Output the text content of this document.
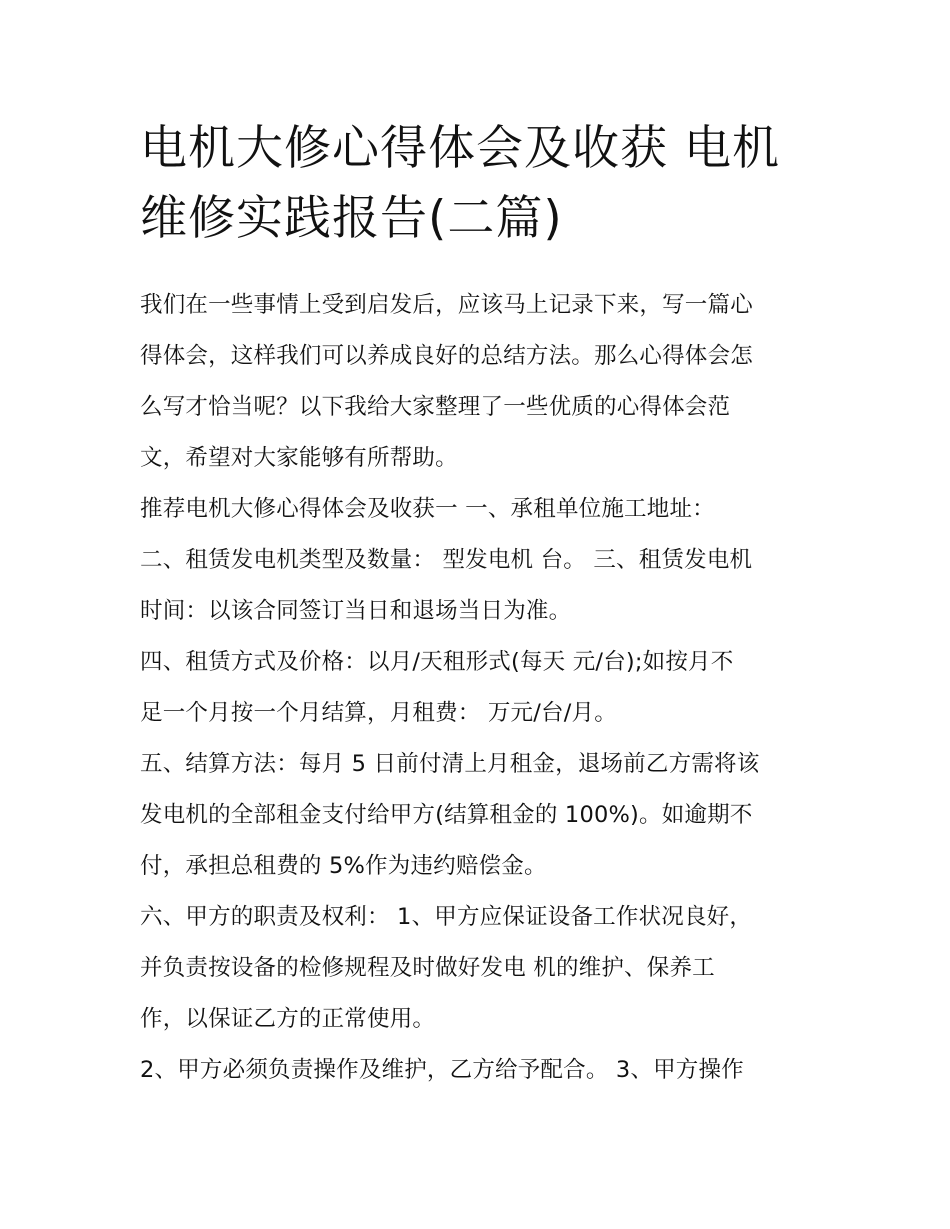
电机大修心得体会及收获 电机
维修实践报告(二篇)
我们在一些事情上受到启发后，应该马上记录下来，写一篇心
得体会，这样我们可以养成良好的总结方法。那么心得体会怎
么写才恰当呢？以下我给大家整理了一些优质的心得体会范
文，希望对大家能够有所帮助。
推荐电机大修心得体会及收获一 一、承租单位施工地址：
二、租赁发电机类型及数量： 型发电机 台。 三、租赁发电机
时间：以该合同签订当日和退场当日为准。
四、租赁方式及价格：以月/天租形式(每天 元/台);如按月不
足一个月按一个月结算，月租费： 万元/台/月。
五、结算方法：每月 5 日前付清上月租金，退场前乙方需将该
发电机的全部租金支付给甲方(结算租金的 100%)。如逾期不
付，承担总租费的 5%作为违约赔偿金。
六、甲方的职责及权利： 1、甲方应保证设备工作状况良好，
并负责按设备的检修规程及时做好发电 机的维护、保养工
作，以保证乙方的正常使用。
2、甲方必须负责操作及维护，乙方给予配合。 3、甲方操作
